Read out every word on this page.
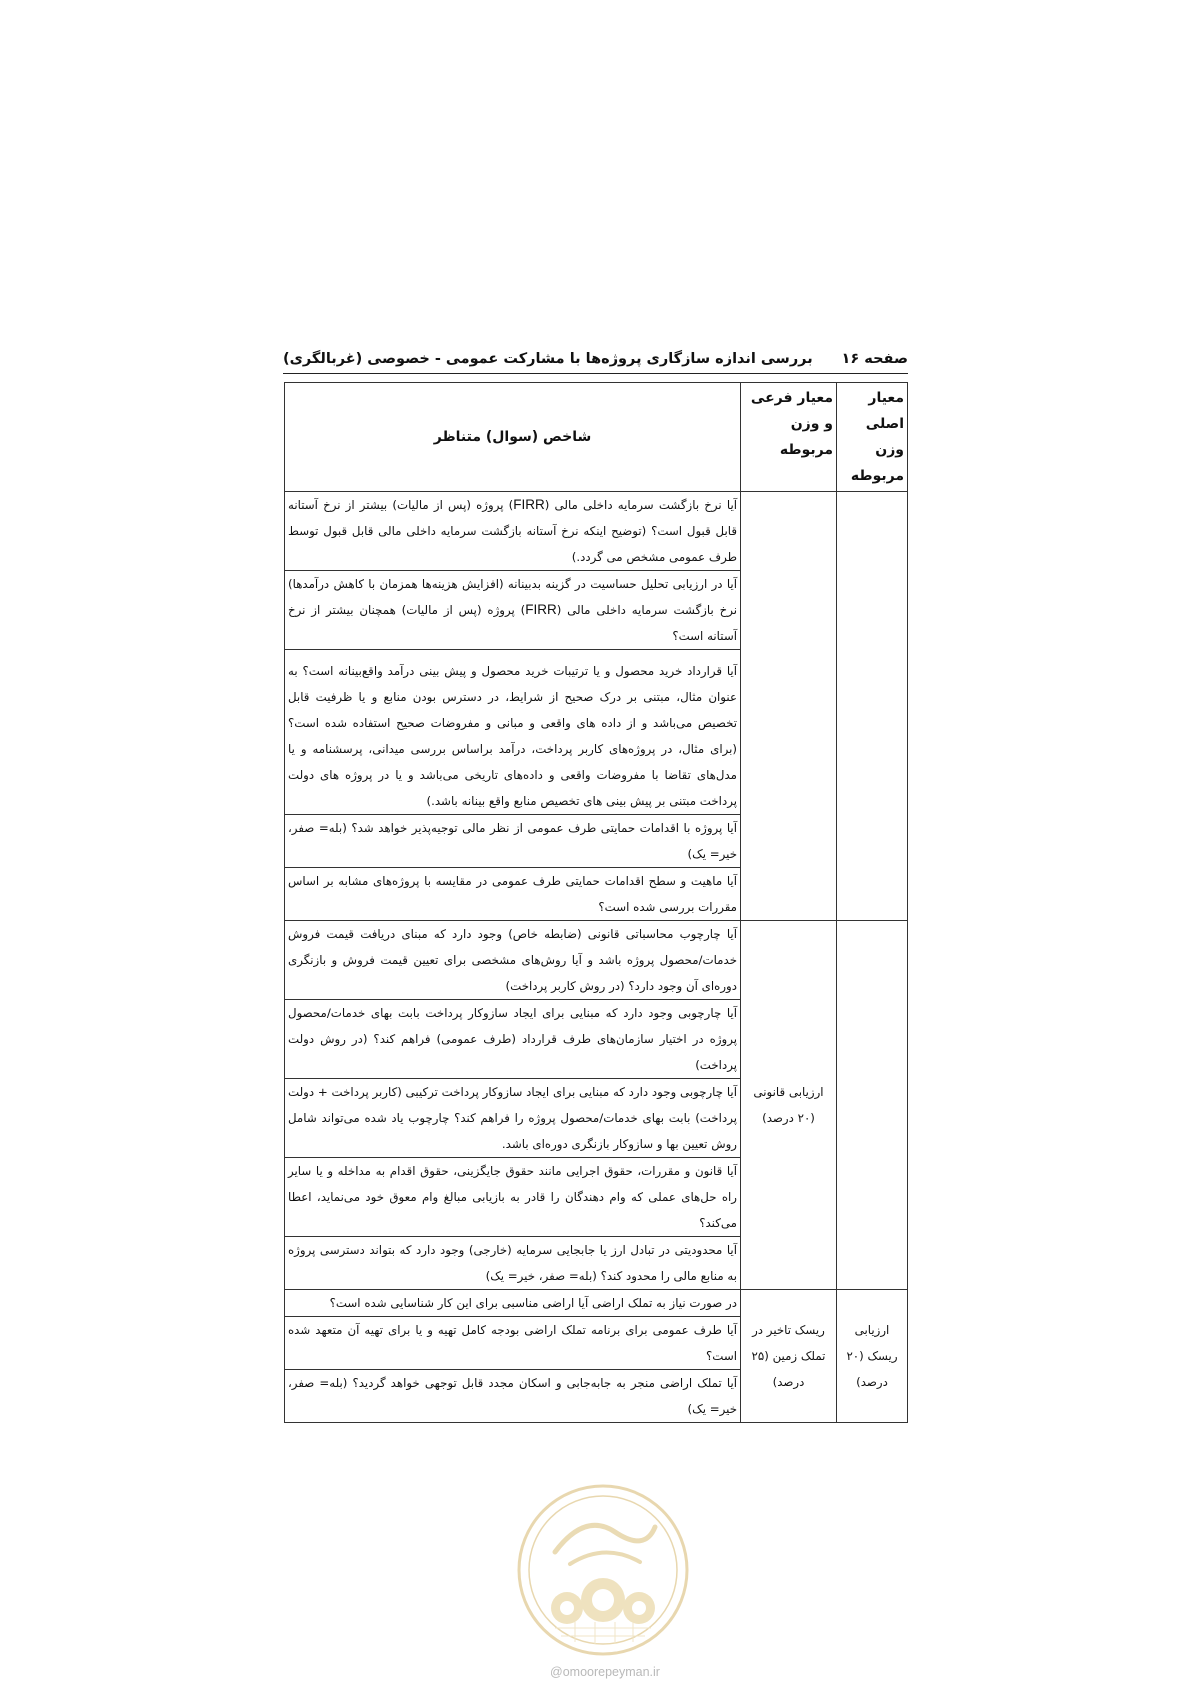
صفحه ۱۶
بررسی اندازه سازگاری پروژه‌ها با مشارکت عمومی - خصوصی (غربالگری)
معیار اصلی وزن مربوطه	معیار فرعی و وزن مربوطه	شاخص (سوال) متناظر
		آیا نرخ بازگشت سرمایه داخلی مالی (FIRR) پروژه (پس از مالیات) بیشتر از نرخ آستانه قابل قبول است؟ (توضیح اینکه نرخ آستانه بازگشت سرمایه داخلی مالی قابل قبول توسط طرف عمومی مشخص می گردد.)
		آیا در ارزیابی تحلیل حساسیت در گزینه بدبینانه (افزایش هزینه‌ها همزمان با کاهش درآمدها) نرخ بازگشت سرمایه داخلی مالی (FIRR) پروژه (پس از مالیات) همچنان بیشتر از نرخ آستانه است؟
		آیا قرارداد خرید محصول و یا ترتیبات خرید محصول و پیش بینی درآمد واقع‌بینانه است؟ به عنوان مثال، مبتنی بر درک صحیح از شرایط، در دسترس بودن منابع و یا ظرفیت قابل تخصیص می‌باشد و از داده های واقعی و مبانی و مفروضات صحیح استفاده شده است؟ (برای مثال، در پروژه‌های کاربر پرداخت، درآمد براساس بررسی میدانی، پرسشنامه و یا مدل‌های تقاضا با مفروضات واقعی و داده‌های تاریخی می‌باشد و یا در پروژه های دولت پرداخت مبتنی بر پیش بینی های تخصیص منابع واقع بینانه باشد.)
		آیا پروژه با اقدامات حمایتی طرف عمومی از نظر مالی توجیه‌پذیر خواهد شد؟ (بله= صفر، خیر= یک)
		آیا ماهیت و سطح اقدامات حمایتی طرف عمومی در مقایسه با پروژه‌های مشابه بر اساس مقررات بررسی شده است؟
	ارزیابی قانونی (۲۰ درصد)	آیا چارچوب محاسباتی قانونی (ضابطه خاص) وجود دارد که مبنای دریافت قیمت فروش خدمات/محصول پروژه باشد و آیا روش‌های مشخصی برای تعیین قیمت فروش و بازنگری دوره‌ای آن وجود دارد؟ (در روش کاربر پرداخت)
		آیا چارچوبی وجود دارد که مبنایی برای ایجاد سازوکار پرداخت بابت بهای خدمات/محصول پروژه در اختیار سازمان‌های طرف قرارداد (طرف عمومی) فراهم کند؟ (در روش دولت پرداخت)
		آیا چارچوبی وجود دارد که مبنایی برای ایجاد سازوکار پرداخت ترکیبی (کاربر پرداخت + دولت پرداخت) بابت بهای خدمات/محصول پروژه را فراهم کند؟ چارچوب یاد شده می‌تواند شامل روش تعیین بها و سازوکار بازنگری دوره‌ای باشد.
		آیا قانون و مقررات، حقوق اجرایی مانند حقوق جایگزینی، حقوق اقدام به مداخله و یا سایر راه حل‌های عملی که وام دهندگان را قادر به بازیابی مبالغ وام معوق خود می‌نماید، اعطا می‌کند؟
		آیا محدودیتی در تبادل ارز یا جابجایی سرمایه (خارجی) وجود دارد که بتواند دسترسی پروژه به منابع مالی را محدود کند؟ (بله= صفر، خیر= یک)
ارزیابی ریسک (۲۰ درصد)	ریسک تاخیر در تملک زمین (۲۵ درصد)	در صورت نیاز به تملک اراضی آیا اراضی مناسبی برای این کار شناسایی شده است؟
		آیا طرف عمومی برای برنامه تملک اراضی بودجه کامل تهیه و یا برای تهیه آن متعهد شده است؟
		آیا تملک اراضی منجر به جابه‌جابی و اسکان مجدد قابل توجهی خواهد گردید؟ (بله= صفر، خیر= یک)
@omoorepeyman.ir
